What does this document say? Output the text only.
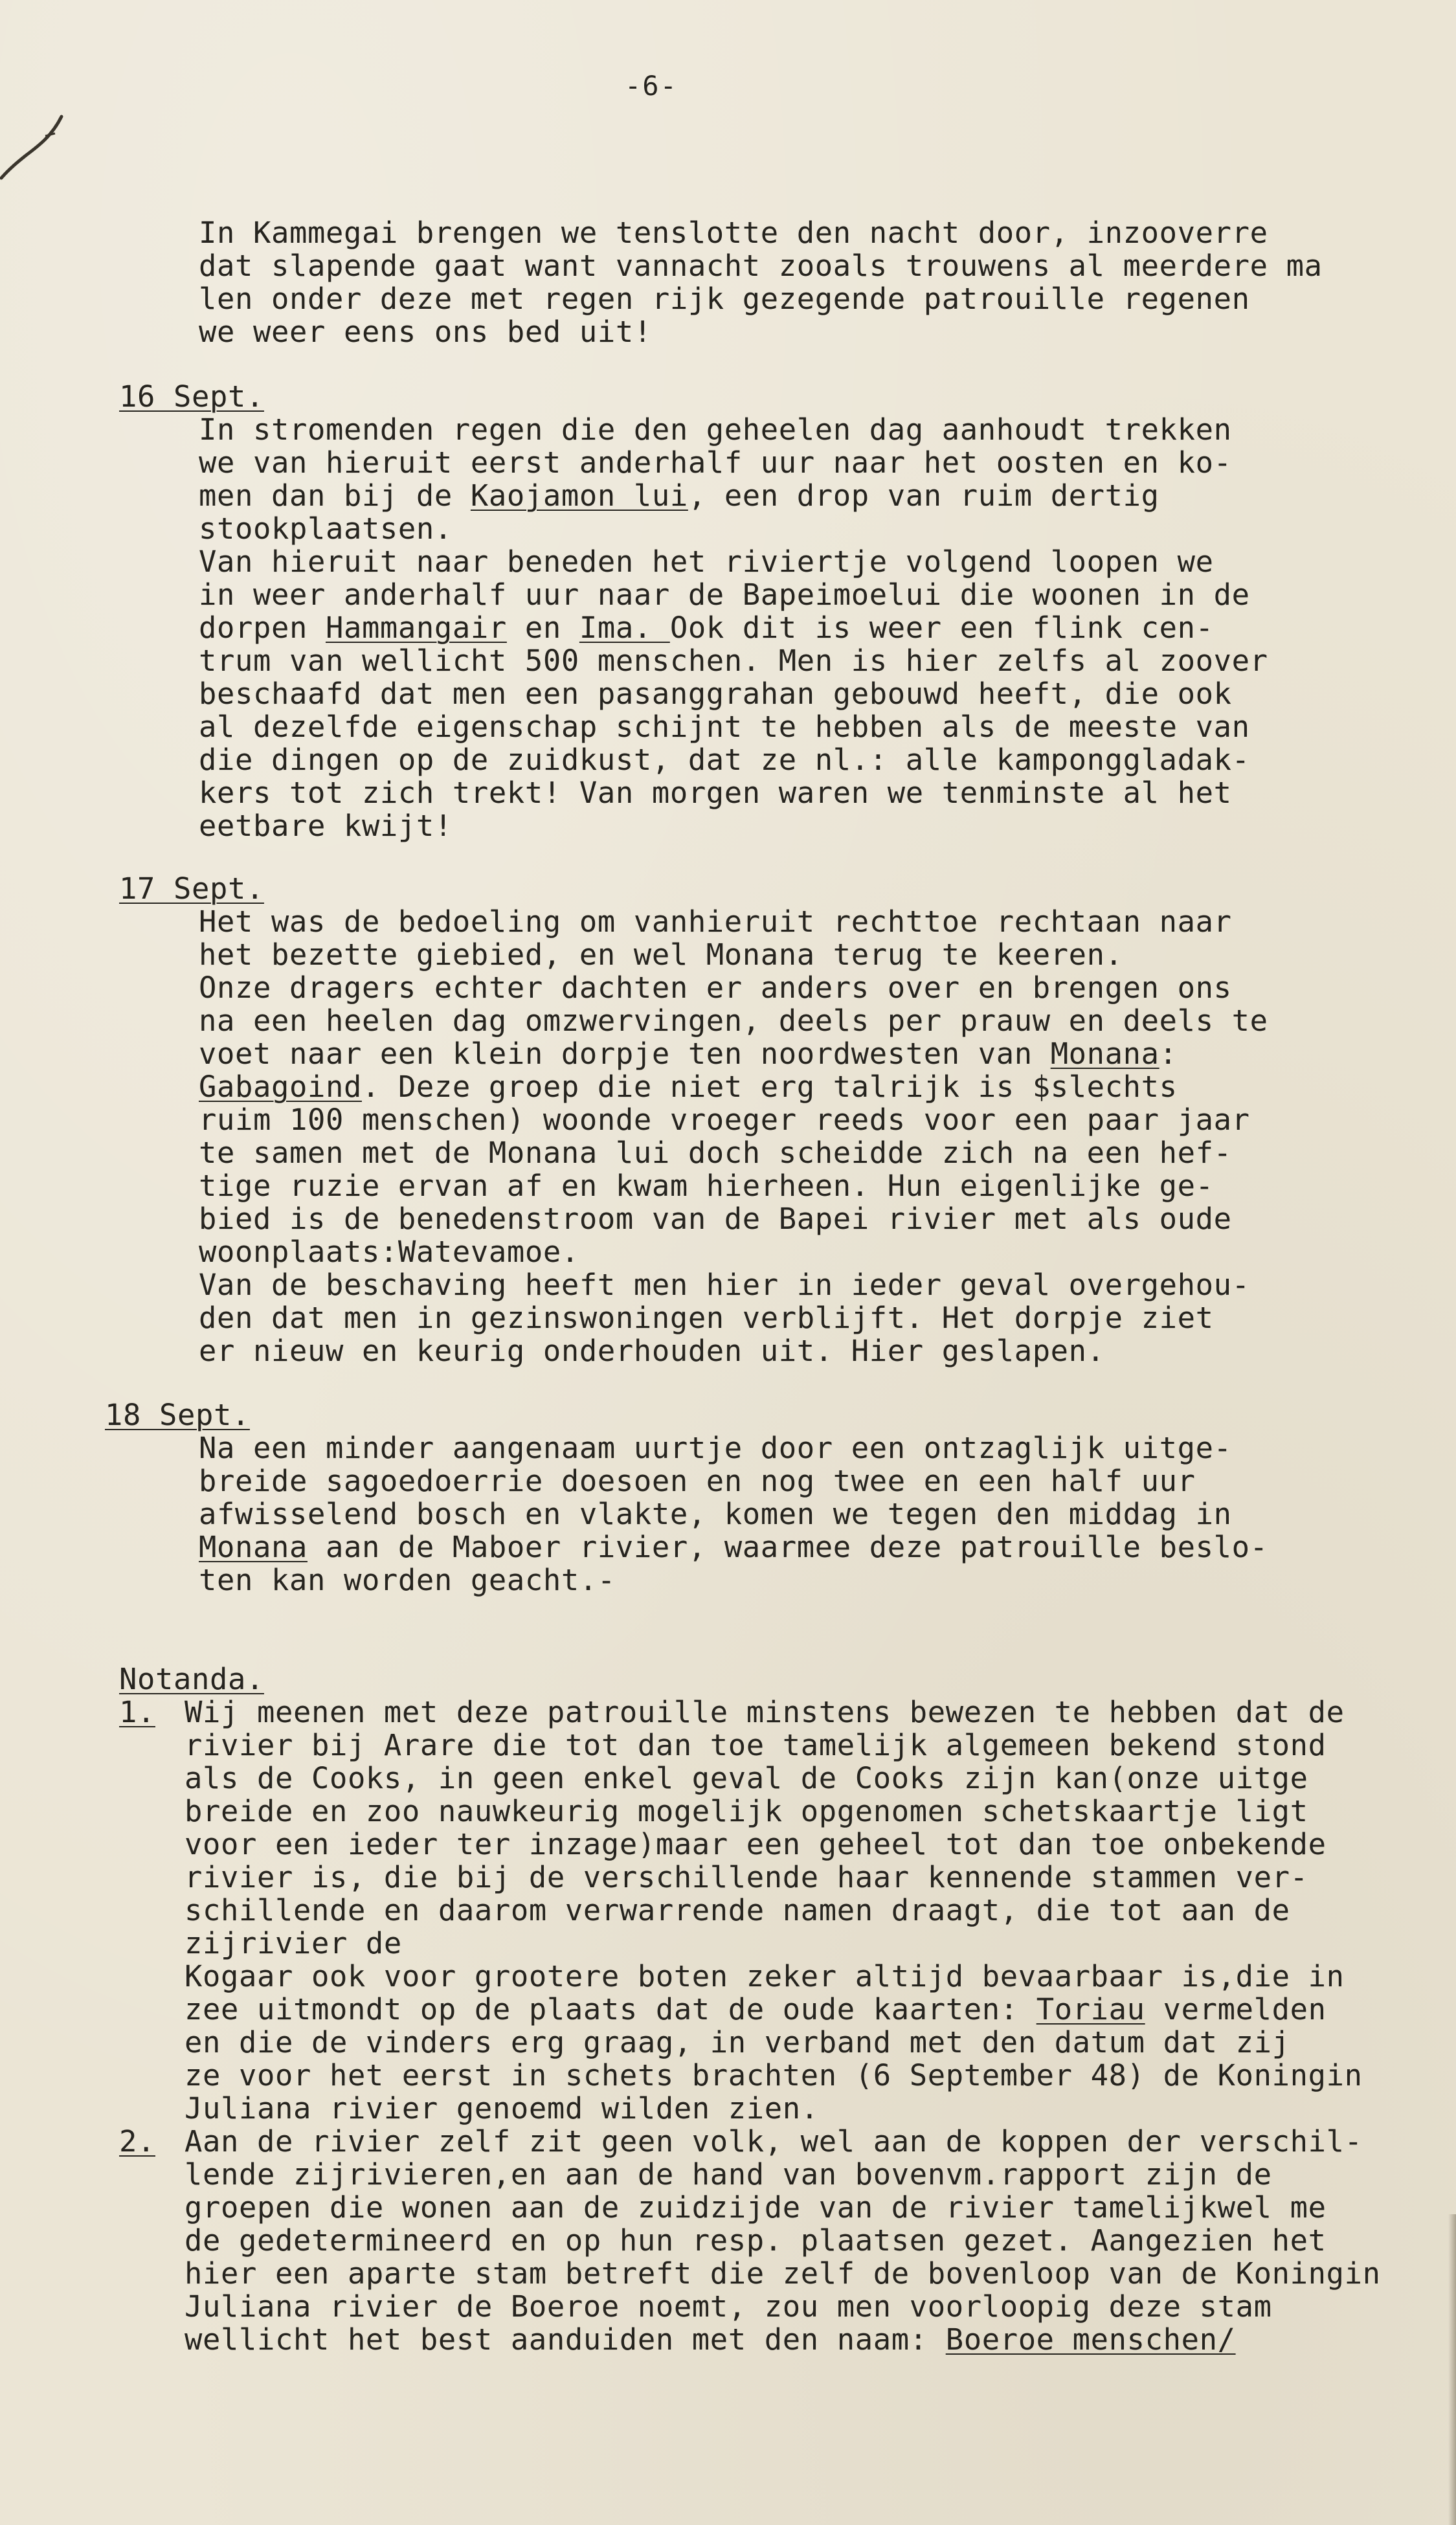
-6-
In Kammegai brengen we tenslotte den nacht door, inzooverre
dat slapende gaat want vannacht zooals trouwens al meerdere ma
len onder deze met regen rijk gezegende patrouille regenen
we weer eens ons bed uit!
16 Sept.
In stromenden regen die den geheelen dag aanhoudt trekken
we van hieruit eerst anderhalf uur naar het oosten en ko-
men dan bij de Kaojamon lui, een drop van ruim dertig
stookplaatsen.
Van hieruit naar beneden het riviertje volgend loopen we
in weer anderhalf uur naar de Bapeimoelui die woonen in de
dorpen Hammangair en Ima. Ook dit is weer een flink cen-
trum van wellicht 500 menschen. Men is hier zelfs al zoover
beschaafd dat men een pasanggrahan gebouwd heeft, die ook
al dezelfde eigenschap schijnt te hebben als de meeste van
die dingen op de zuidkust, dat ze nl.: alle kamponggladak-
kers tot zich trekt! Van morgen waren we tenminste al het
eetbare kwijt!
17 Sept.
Het was de bedoeling om vanhieruit rechttoe rechtaan naar
het bezette giebied, en wel Monana terug te keeren.
Onze dragers echter dachten er anders over en brengen ons
na een heelen dag omzwervingen, deels per prauw en deels te
voet naar een klein dorpje ten noordwesten van Monana:
Gabagoind. Deze groep die niet erg talrijk is $slechts
ruim 100 menschen) woonde vroeger reeds voor een paar jaar
te samen met de Monana lui doch scheidde zich na een hef-
tige ruzie ervan af en kwam hierheen. Hun eigenlijke ge-
bied is de benedenstroom van de Bapei rivier met als oude
woonplaats:Watevamoe.
Van de beschaving heeft men hier in ieder geval overgehou-
den dat men in gezinswoningen verblijft. Het dorpje ziet
er nieuw en keurig onderhouden uit. Hier geslapen.
18 Sept.
Na een minder aangenaam uurtje door een ontzaglijk uitge-
breide sagoedoerrie doesoen en nog twee en een half uur
afwisselend bosch en vlakte, komen we tegen den middag in
Monana aan de Maboer rivier, waarmee deze patrouille beslo-
ten kan worden geacht.-
Notanda.
1. Wij meenen met deze patrouille minstens bewezen te hebben dat de
rivier bij Arare die tot dan toe tamelijk algemeen bekend stond
als de Cooks, in geen enkel geval de Cooks zijn kan(onze uitge
breide en zoo nauwkeurig mogelijk opgenomen schetskaartje ligt
voor een ieder ter inzage)maar een geheel tot dan toe onbekende
rivier is, die bij de verschillende haar kennende stammen ver-
schillende en daarom verwarrende namen draagt, die tot aan de
zijrivier de
Kogaar ook voor grootere boten zeker altijd bevaarbaar is,die in
zee uitmondt op de plaats dat de oude kaarten: Toriau vermelden
en die de vinders erg graag, in verband met den datum dat zij
ze voor het eerst in schets brachten (6 September 48) de Koningin
Juliana rivier genoemd wilden zien.
2. Aan de rivier zelf zit geen volk, wel aan de koppen der verschil-
lende zijrivieren,en aan de hand van bovenvm.rapport zijn de
groepen die wonen aan de zuidzijde van de rivier tamelijkwel me
de gedetermineerd en op hun resp. plaatsen gezet. Aangezien het
hier een aparte stam betreft die zelf de bovenloop van de Koningin
Juliana rivier de Boeroe noemt, zou men voorloopig deze stam
wellicht het best aanduiden met den naam: Boeroe menschen/
